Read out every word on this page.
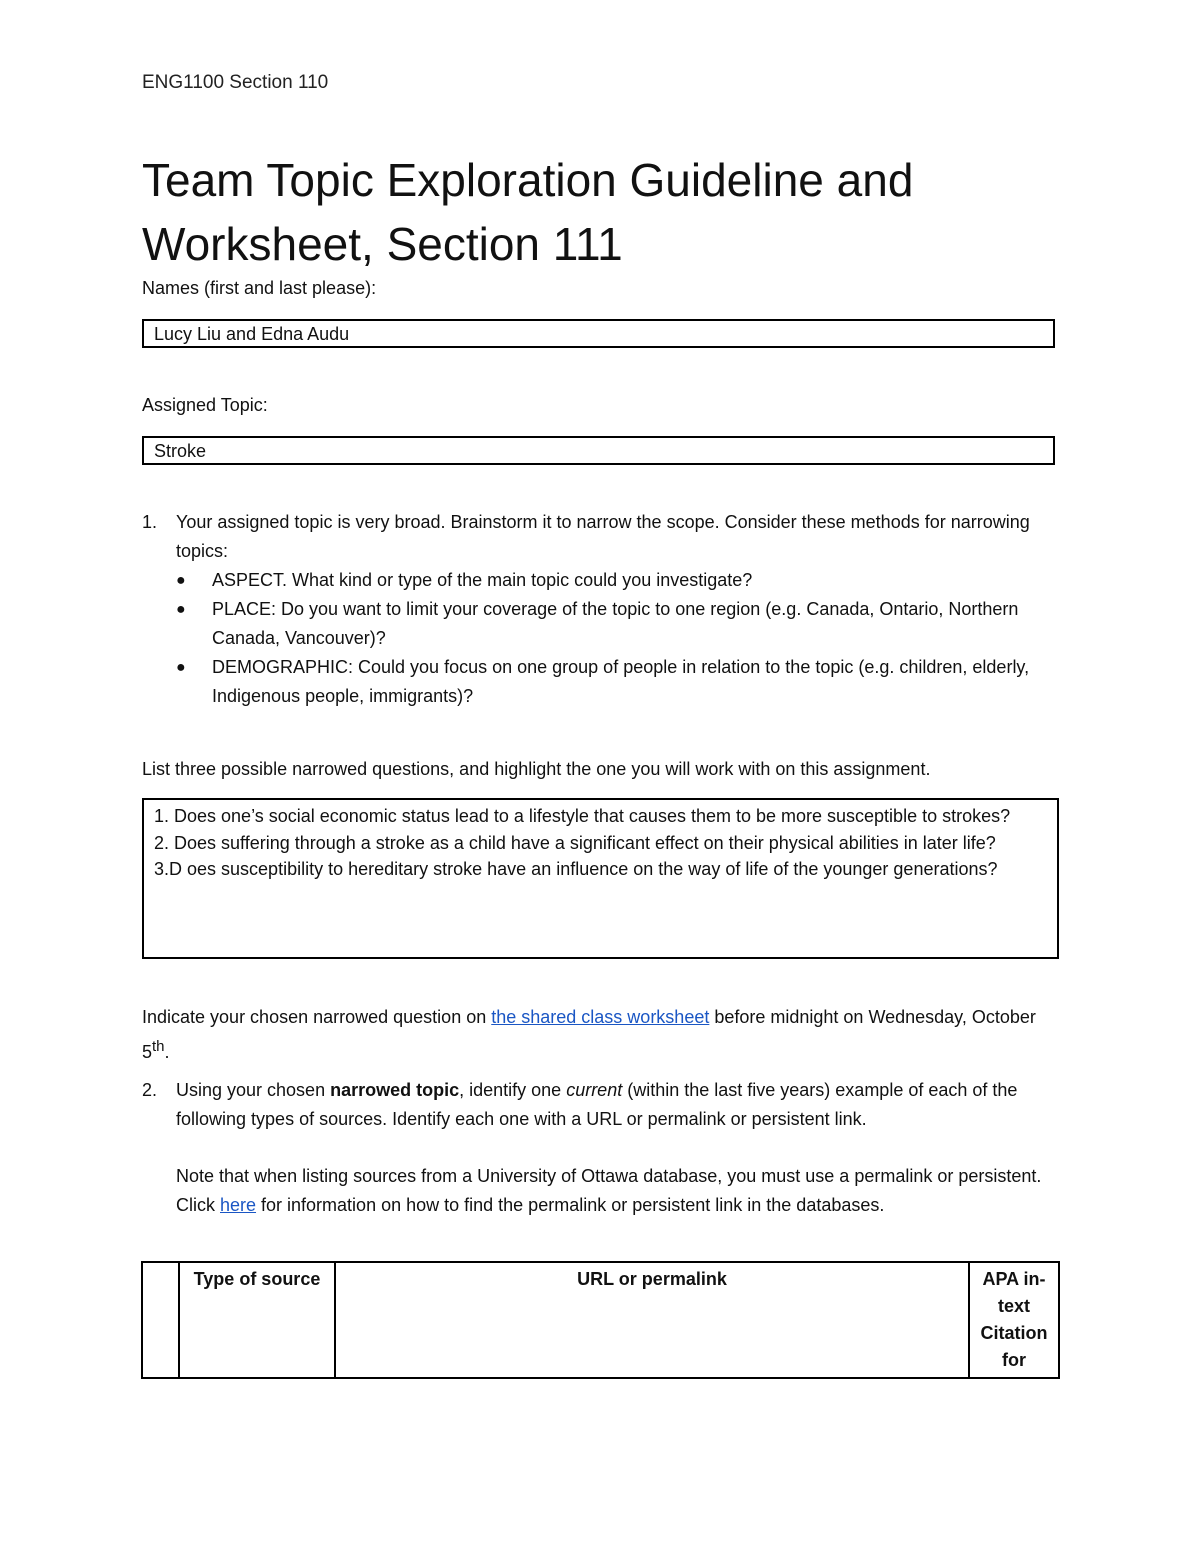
ENG1100 Section 110
Team Topic Exploration Guideline and
Worksheet, Section 111
Names (first and last please):
Lucy Liu and Edna Audu
Assigned Topic:
Stroke
1. Your assigned topic is very broad. Brainstorm it to narrow the scope. Consider these methods for narrowing topics:
● ASPECT. What kind or type of the main topic could you investigate?
● PLACE: Do you want to limit your coverage of the topic to one region (e.g. Canada, Ontario, Northern Canada, Vancouver)?
● DEMOGRAPHIC: Could you focus on one group of people in relation to the topic (e.g. children, elderly, Indigenous people, immigrants)?
List three possible narrowed questions, and highlight the one you will work with on this assignment.
1. Does one’s social economic status lead to a lifestyle that causes them to be more susceptible to strokes?
2. Does suffering through a stroke as a child have a significant effect on their physical abilities in later life?
3.D oes susceptibility to hereditary stroke have an influence on the way of life of the younger generations?
Indicate your chosen narrowed question on the shared class worksheet before midnight on Wednesday, October 5th.
2. Using your chosen narrowed topic, identify one current (within the last five years) example of each of the following types of sources. Identify each one with a URL or permalink or persistent link.
Note that when listing sources from a University of Ottawa database, you must use a permalink or persistent. Click here for information on how to find the permalink or persistent link in the databases.
	Type of source	URL or permalink	APA in-text Citation for
